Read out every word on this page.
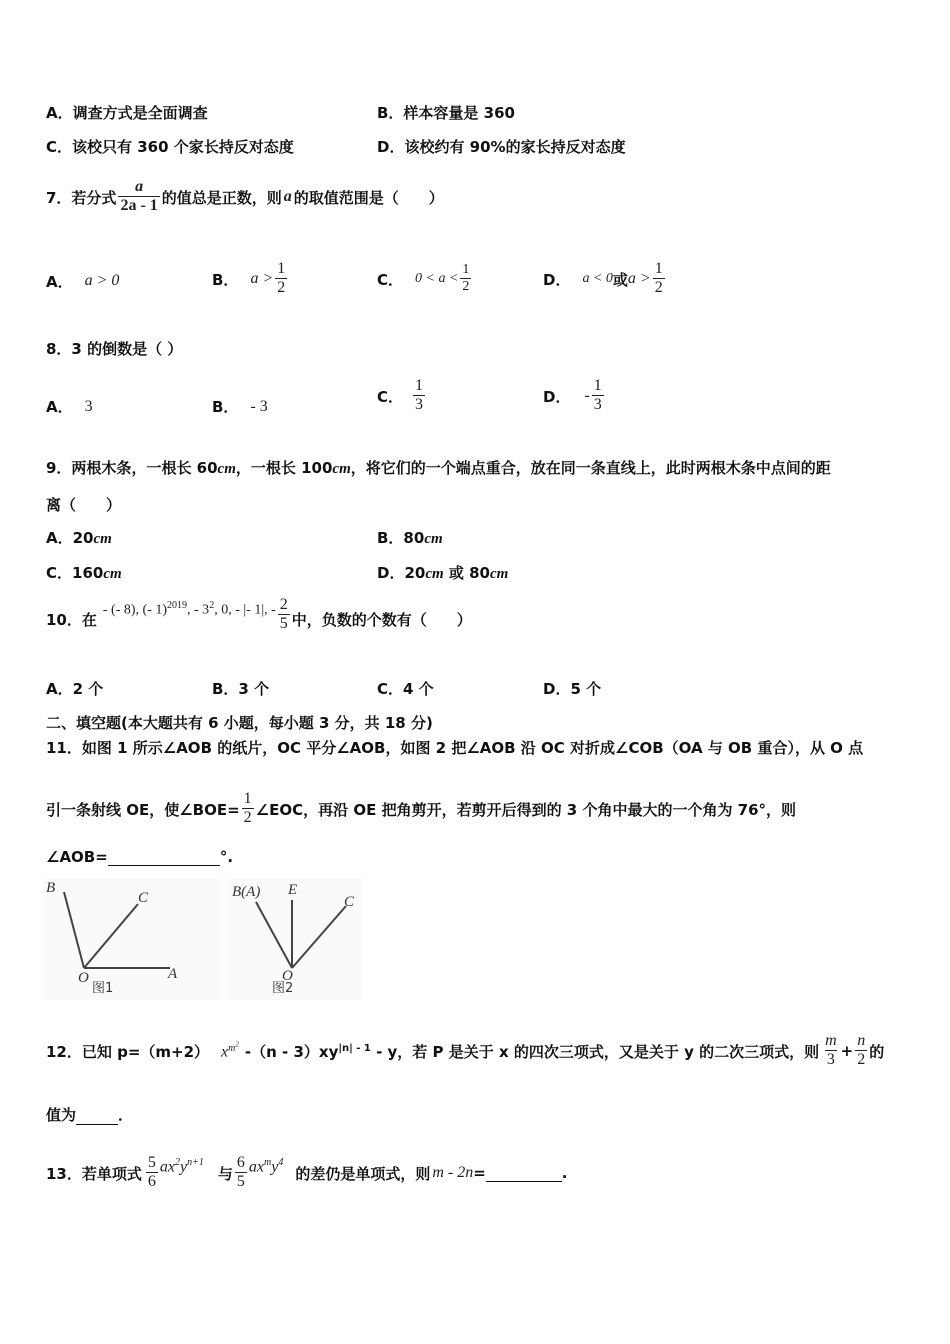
A．调查方式是全面调查	B．样本容量是 360
C．该校只有 360 个家长持反对态度	D．该校约有 90%的家长持反对态度
7．若分式 $\frac{a}{2a - 1}$ 的值总是正数，则 a 的取值范围是（　　）
A． a > 0	B． $a > \frac{1}{2}$	C． $0 < a < \frac{1}{2}$	D． a < 0 或 $a > \frac{1}{2}$
8．3 的倒数是（ ）
A． 3	B． - 3
C． $\frac{1}{3}$	D． - $\frac{1}{3}$
9．两根木条，一根长 60cm，一根长 100cm，将它们的一个端点重合，放在同一条直线上，此时两根木条中点间的距
离（　　）
A．20cm	B．80cm
C．160cm	D．20cm 或 80cm
10．在
- (- 8), (- 1)$^{2019}$, - $3^2$, 0, - |- 1|, - $\frac{2}{5}$ 中，负数的个数有（　　）
A．2 个	B．3 个	C．4 个	D．5 个
二、填空题(本大题共有 6 小题，每小题 3 分，共 18 分)
11．如图 1 所示∠AOB 的纸片，OC 平分∠AOB，如图 2 把∠AOB 沿 OC 对折成∠COB（OA 与 OB 重合），从 O 点
引一条射线 OE，使∠BOE= $\frac{1}{2}$ ∠EOC，再沿 OE 把角剪开，若剪开后得到的 3 个角中最大的一个角为 76°，则
∠AOB=	°.
B
C
O	A
图1
B(A) E
C
O
图2
12．已知 p=（m+2） $x^{m^2}$ $-(n - 3)xy^{|n| - 1}$ - y，若 P 是关于 x 的四次三项式，又是关于 y 的二次三项式，则 $\frac{m}{3} + \frac{n}{2}$ 的
值为	．
13．若单项式 $\frac{5}{6} ax^2y^{n+1}$
与 $\frac{6}{5} ax^my^4$
的差仍是单项式，则 m - 2n =	.
